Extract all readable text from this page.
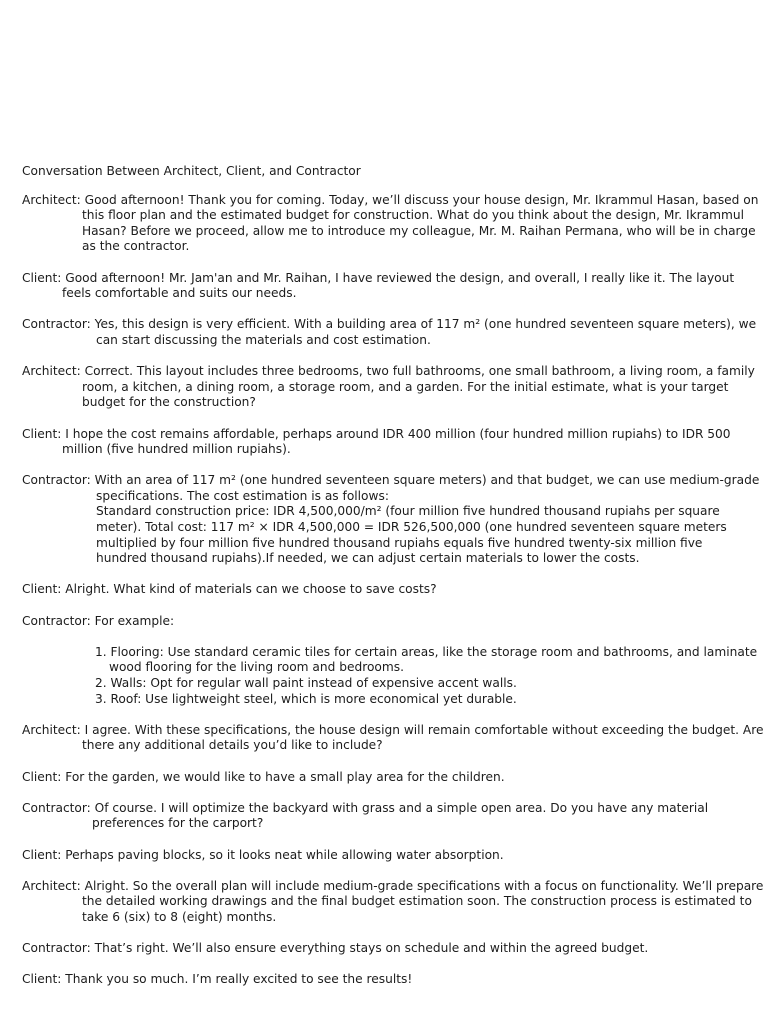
Conversation Between Architect, Client, and Contractor
Architect: Good afternoon! Thank you for coming. Today, we’ll discuss your house design, Mr. Ikrammul Hasan, based on
this floor plan and the estimated budget for construction. What do you think about the design, Mr. Ikrammul
Hasan? Before we proceed, allow me to introduce my colleague, Mr. M. Raihan Permana, who will be in charge
as the contractor.
Client: Good afternoon! Mr. Jam'an and Mr. Raihan, I have reviewed the design, and overall, I really like it. The layout
feels comfortable and suits our needs.
Contractor: Yes, this design is very efficient. With a building area of 117 m² (one hundred seventeen square meters), we
can start discussing the materials and cost estimation.
Architect: Correct. This layout includes three bedrooms, two full bathrooms, one small bathroom, a living room, a family
room, a kitchen, a dining room, a storage room, and a garden. For the initial estimate, what is your target
budget for the construction?
Client: I hope the cost remains affordable, perhaps around IDR 400 million (four hundred million rupiahs) to IDR 500
million (five hundred million rupiahs).
Contractor: With an area of 117 m² (one hundred seventeen square meters) and that budget, we can use medium-grade
specifications. The cost estimation is as follows:
Standard construction price: IDR 4,500,000/m² (four million five hundred thousand rupiahs per square
meter). Total cost: 117 m² × IDR 4,500,000 = IDR 526,500,000 (one hundred seventeen square meters
multiplied by four million five hundred thousand rupiahs equals five hundred twenty-six million five
hundred thousand rupiahs).If needed, we can adjust certain materials to lower the costs.
Client: Alright. What kind of materials can we choose to save costs?
Contractor: For example:
1. Flooring: Use standard ceramic tiles for certain areas, like the storage room and bathrooms, and laminate
wood flooring for the living room and bedrooms.
2. Walls: Opt for regular wall paint instead of expensive accent walls.
3. Roof: Use lightweight steel, which is more economical yet durable.
Architect: I agree. With these specifications, the house design will remain comfortable without exceeding the budget. Are
there any additional details you’d like to include?
Client: For the garden, we would like to have a small play area for the children.
Contractor: Of course. I will optimize the backyard with grass and a simple open area. Do you have any material
preferences for the carport?
Client: Perhaps paving blocks, so it looks neat while allowing water absorption.
Architect: Alright. So the overall plan will include medium-grade specifications with a focus on functionality. We’ll prepare
the detailed working drawings and the final budget estimation soon. The construction process is estimated to
take 6 (six) to 8 (eight) months.
Contractor: That’s right. We’ll also ensure everything stays on schedule and within the agreed budget.
Client: Thank you so much. I’m really excited to see the results!
